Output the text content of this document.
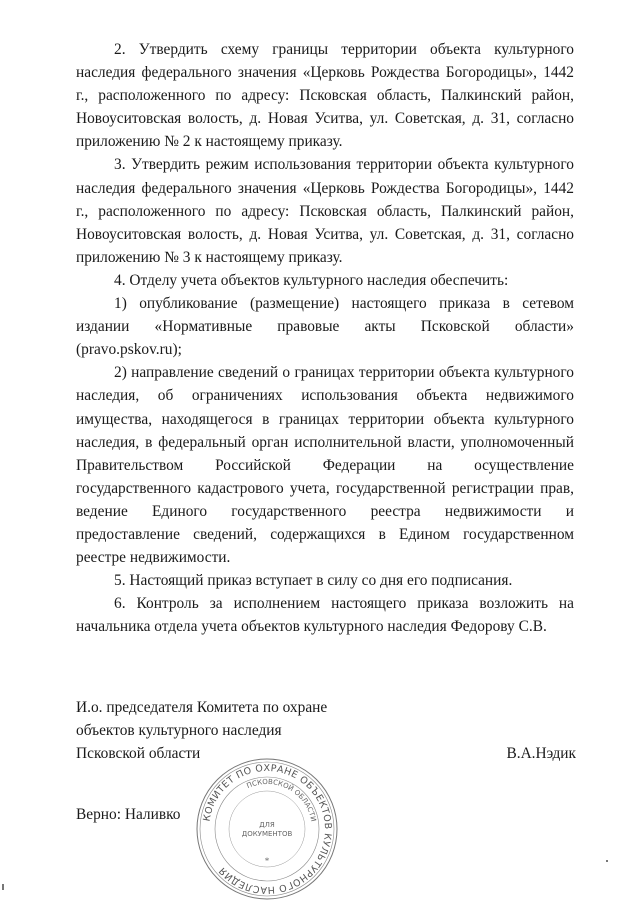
2. Утвердить схему границы территории объекта культурного наследия федерального значения «Церковь Рождества Богородицы», 1442 г., расположенного по адресу: Псковская область, Палкинский район, Новоуситовская волость, д. Новая Уситва, ул. Советская, д. 31, согласно приложению № 2 к настоящему приказу.

3. Утвердить режим использования территории объекта культурного наследия федерального значения «Церковь Рождества Богородицы», 1442 г., расположенного по адресу: Псковская область, Палкинский район, Новоуситовская волость, д. Новая Уситва, ул. Советская, д. 31, согласно приложению № 3 к настоящему приказу.

4. Отделу учета объектов культурного наследия обеспечить:

1) опубликование (размещение) настоящего приказа в сетевом издании «Нормативные правовые акты Псковской области» (pravo.pskov.ru);

2) направление сведений о границах территории объекта культурного наследия, об ограничениях использования объекта недвижимого имущества, находящегося в границах территории объекта культурного наследия, в федеральный орган исполнительной власти, уполномоченный Правительством Российской Федерации на осуществление государственного кадастрового учета, государственной регистрации прав, ведение Единого государственного реестра недвижимости и предоставление сведений, содержащихся в Едином государственном реестре недвижимости.

5. Настоящий приказ вступает в силу со дня его подписания.

6. Контроль за исполнением настоящего приказа возложить на начальника отдела учета объектов культурного наследия Федорову С.В.

И.о. председателя Комитета по охране
объектов культурного наследия
Псковской области	В.А.Нэдик
Верно: Наливко КОМИТЕТ ПО ОХРАНЕ ОБЪЕКТОВ КУЛЬТУРНОГО НАСЛЕДИЯ
ПСКОВСКОЙ ОБЛАСТИ
ДЛЯ
ДОКУМЕНТОВ
*
